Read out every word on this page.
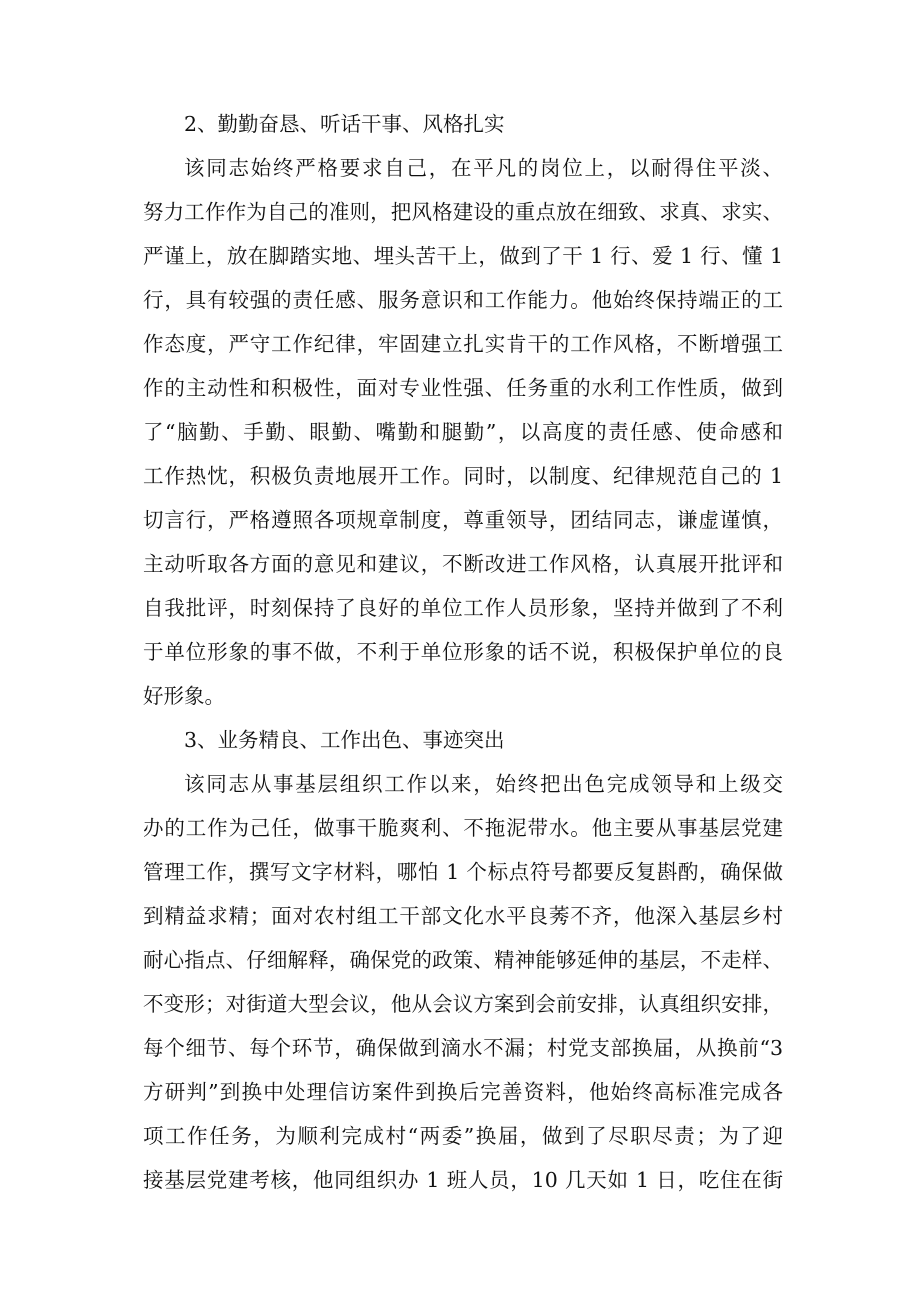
2、勤勤奋恳、听话干事、风格扎实
该同志始终严格要求自己，在平凡的岗位上，以耐得住平淡、
努力工作作为自己的准则，把风格建设的重点放在细致、求真、求实、
严谨上，放在脚踏实地、埋头苦干上，做到了干 1 行、爱 1 行、懂 1
行，具有较强的责任感、服务意识和工作能力。他始终保持端正的工
作态度，严守工作纪律，牢固建立扎实肯干的工作风格，不断增强工
作的主动性和积极性，面对专业性强、任务重的水利工作性质，做到
了“脑勤、手勤、眼勤、嘴勤和腿勤”，以高度的责任感、使命感和
工作热忱，积极负责地展开工作。同时，以制度、纪律规范自己的 1
切言行，严格遵照各项规章制度，尊重领导，团结同志，谦虚谨慎，
主动听取各方面的意见和建议，不断改进工作风格，认真展开批评和
自我批评，时刻保持了良好的单位工作人员形象，坚持并做到了不利
于单位形象的事不做，不利于单位形象的话不说，积极保护单位的良
好形象。
3、业务精良、工作出色、事迹突出
该同志从事基层组织工作以来，始终把出色完成领导和上级交
办的工作为己任，做事干脆爽利、不拖泥带水。他主要从事基层党建
管理工作，撰写文字材料，哪怕 1 个标点符号都要反复斟酌，确保做
到精益求精；面对农村组工干部文化水平良莠不齐，他深入基层乡村
耐心指点、仔细解释，确保党的政策、精神能够延伸的基层，不走样、
不变形；对街道大型会议，他从会议方案到会前安排，认真组织安排，
每个细节、每个环节，确保做到滴水不漏；村党支部换届，从换前“3
方研判”到换中处理信访案件到换后完善资料，他始终高标准完成各
项工作任务，为顺利完成村“两委”换届，做到了尽职尽责；为了迎
接基层党建考核，他同组织办 1 班人员，10 几天如 1 日，吃住在街
